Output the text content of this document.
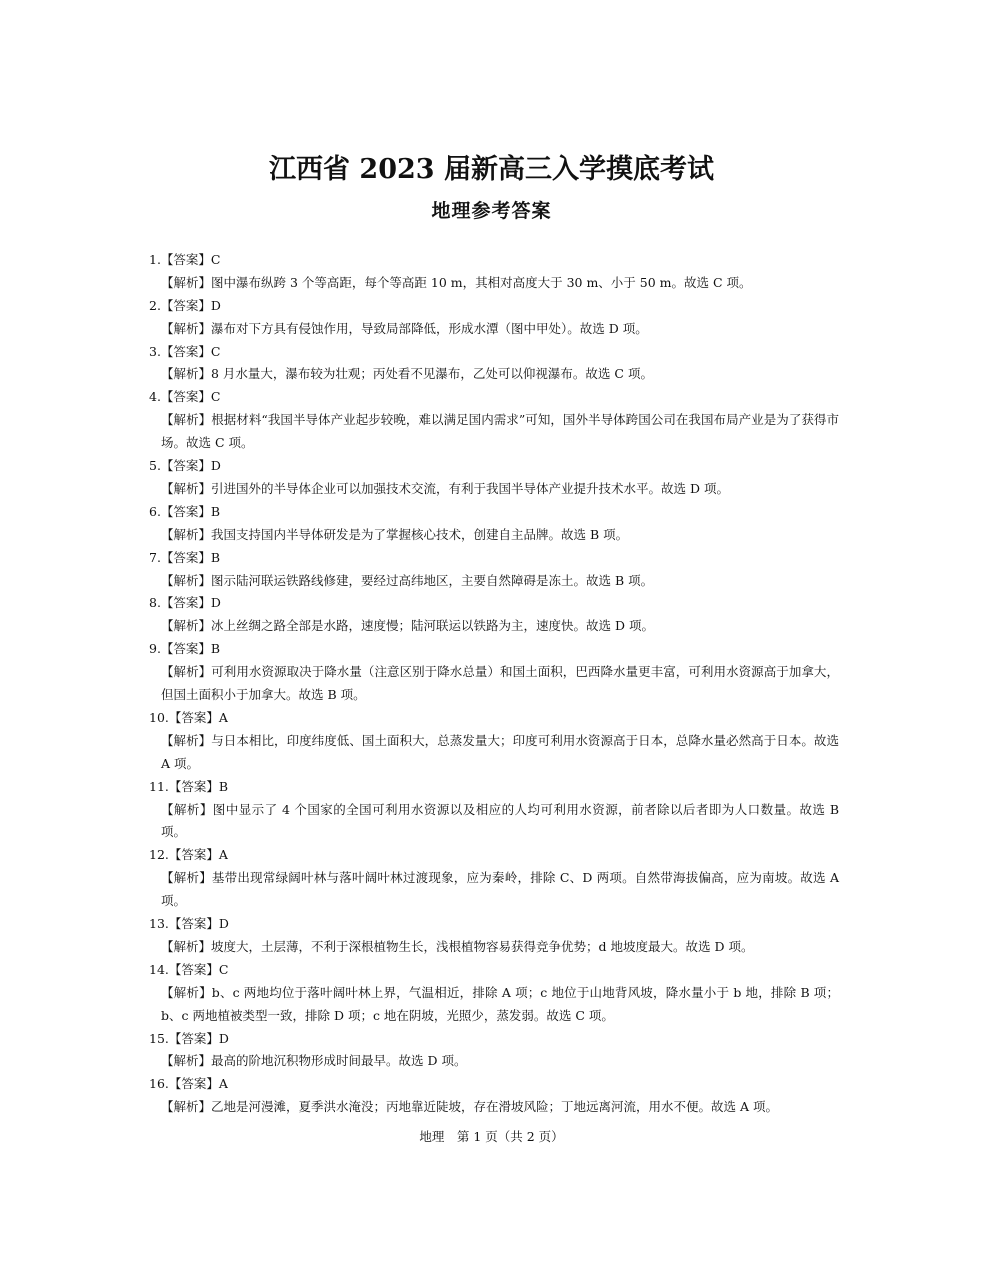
江西省 2023 届新高三入学摸底考试
地理参考答案
1.【答案】C
【解析】图中瀑布纵跨 3 个等高距，每个等高距 10 m，其相对高度大于 30 m、小于 50 m。故选 C 项。
2.【答案】D
【解析】瀑布对下方具有侵蚀作用，导致局部降低，形成水潭（图中甲处）。故选 D 项。
3.【答案】C
【解析】8 月水量大，瀑布较为壮观；丙处看不见瀑布，乙处可以仰视瀑布。故选 C 项。
4.【答案】C
【解析】根据材料“我国半导体产业起步较晚，难以满足国内需求”可知，国外半导体跨国公司在我国布局产业是为了获得市场。故选 C 项。
5.【答案】D
【解析】引进国外的半导体企业可以加强技术交流，有利于我国半导体产业提升技术水平。故选 D 项。
6.【答案】B
【解析】我国支持国内半导体研发是为了掌握核心技术，创建自主品牌。故选 B 项。
7.【答案】B
【解析】图示陆河联运铁路线修建，要经过高纬地区，主要自然障碍是冻土。故选 B 项。
8.【答案】D
【解析】冰上丝绸之路全部是水路，速度慢；陆河联运以铁路为主，速度快。故选 D 项。
9.【答案】B
【解析】可利用水资源取决于降水量（注意区别于降水总量）和国土面积，巴西降水量更丰富，可利用水资源高于加拿大，但国土面积小于加拿大。故选 B 项。
10.【答案】A
【解析】与日本相比，印度纬度低、国土面积大，总蒸发量大；印度可利用水资源高于日本，总降水量必然高于日本。故选 A 项。
11.【答案】B
【解析】图中显示了 4 个国家的全国可利用水资源以及相应的人均可利用水资源，前者除以后者即为人口数量。故选 B 项。
12.【答案】A
【解析】基带出现常绿阔叶林与落叶阔叶林过渡现象，应为秦岭，排除 C、D 两项。自然带海拔偏高，应为南坡。故选 A 项。
13.【答案】D
【解析】坡度大，土层薄，不利于深根植物生长，浅根植物容易获得竞争优势；d 地坡度最大。故选 D 项。
14.【答案】C
【解析】b、c 两地均位于落叶阔叶林上界，气温相近，排除 A 项；c 地位于山地背风坡，降水量小于 b 地，排除 B 项；b、c 两地植被类型一致，排除 D 项；c 地在阴坡，光照少，蒸发弱。故选 C 项。
15.【答案】D
【解析】最高的阶地沉积物形成时间最早。故选 D 项。
16.【答案】A
【解析】乙地是河漫滩，夏季洪水淹没；丙地靠近陡坡，存在滑坡风险；丁地远离河流，用水不便。故选 A 项。
地理　第 1 页（共 2 页）
